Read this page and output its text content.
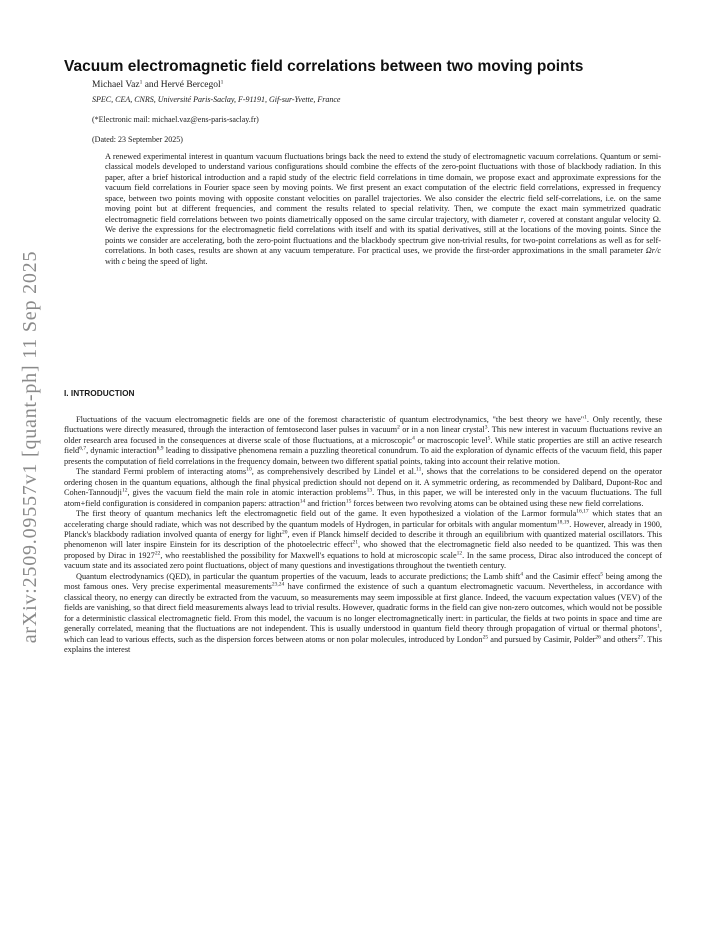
arXiv:2509.09557v1 [quant-ph] 11 Sep 2025
Vacuum electromagnetic field correlations between two moving points
Michael Vaz$^1$ and Hervé Bercegol$^1$
SPEC, CEA, CNRS, Université Paris-Saclay, F-91191, Gif-sur-Yvette, France
(*Electronic mail: michael.vaz@ens-paris-saclay.fr)
(Dated: 23 September 2025)
A renewed experimental interest in quantum vacuum fluctuations brings back the need to extend the study of electromagnetic vacuum correlations. Quantum or semi-classical models developed to understand various configurations should combine the effects of the zero-point fluctuations with those of blackbody radiation. In this paper, after a brief historical introduction and a rapid study of the electric field correlations in time domain, we propose exact and approximate expressions for the vacuum field correlations in Fourier space seen by moving points. We first present an exact computation of the electric field correlations, expressed in frequency space, between two points moving with opposite constant velocities on parallel trajectories. We also consider the electric field self-correlations, i.e. on the same moving point but at different frequencies, and comment the results related to special relativity. Then, we compute the exact main symmetrized quadratic electromagnetic field correlations between two points diametrically opposed on the same circular trajectory, with diameter r, covered at constant angular velocity Ω. We derive the expressions for the electromagnetic field correlations with itself and with its spatial derivatives, still at the locations of the moving points. Since the points we consider are accelerating, both the zero-point fluctuations and the blackbody spectrum give non-trivial results, for two-point correlations as well as for self-correlations. In both cases, results are shown at any vacuum temperature. For practical uses, we provide the first-order approximations in the small parameter Ωr/c with c being the speed of light.
I. INTRODUCTION

Fluctuations of the vacuum electromagnetic fields are one of the foremost characteristic of quantum electrodynamics, "the best theory we have"$^1$. Only recently, these fluctuations were directly measured, through the interaction of femtosecond laser pulses in vacuum$^2$ or in a non linear crystal$^3$. This new interest in vacuum fluctuations revive an older research area focused in the consequences at diverse scale of those fluctuations, at a microscopic$^4$ or macroscopic level$^5$. While static properties are still an active research field$^{6,7}$, dynamic interaction$^{8,9}$ leading to dissipative phenomena remain a puzzling theoretical conundrum. To aid the exploration of dynamic effects of the vacuum field, this paper presents the computation of field correlations in the frequency domain, between two different spatial points, taking into account their relative motion.

The standard Fermi problem of interacting atoms$^{10}$, as comprehensively described by Lindel et al.$^{11}$, shows that the correlations to be considered depend on the operator ordering chosen in the quantum equations, although the final physical prediction should not depend on it. A symmetric ordering, as recommended by Dalibard, Dupont-Roc and Cohen-Tannoudji$^{12}$, gives the vacuum field the main role in atomic interaction problems$^{13}$. Thus, in this paper, we will be interested only in the vacuum fluctuations. The full atom+field configuration is considered in companion papers: attraction$^{14}$ and friction$^{15}$ forces between two revolving atoms can be obtained using these new field correlations.

The first theory of quantum mechanics left the electromagnetic field out of the game. It even hypothesized a violation of the Larmor formula$^{16,17}$ which states that an accelerating charge should radiate, which was not described by the quantum models of Hydrogen, in particular for orbitals with angular momentum$^{18,19}$. However, already in 1900, Planck's blackbody radiation involved quanta of energy for light$^{20}$, even if Planck himself decided to describe it through an equilibrium with quantized material oscillators. This phenomenon will later inspire Einstein for its description of the photoelectric effect$^{21}$, who showed that the electromagnetic field also needed to be quantized. This was then proposed by Dirac in 1927$^{22}$, who reestablished the possibility for Maxwell's equations to hold at microscopic scale$^{12}$. In the same process, Dirac also introduced the concept of vacuum state and its associated zero point fluctuations, object of many questions and investigations throughout the twentieth century.

Quantum electrodynamics (QED), in particular the quantum properties of the vacuum, leads to accurate predictions; the Lamb shift$^4$ and the Casimir effect$^5$ being among the most famous ones. Very precise experimental measurements$^{23,24}$ have confirmed the existence of such a quantum electromagnetic vacuum. Nevertheless, in accordance with classical theory, no energy can directly be extracted from the vacuum, so measurements may seem impossible at first glance. Indeed, the vacuum expectation values (VEV) of the fields are vanishing, so that direct field measurements always lead to trivial results. However, quadratic forms in the field can give non-zero outcomes, which would not be possible for a deterministic classical electromagnetic field. From this model, the vacuum is no longer electromagnetically inert: in particular, the fields at two points in space and time are generally correlated, meaning that the fluctuations are not independent. This is usually understood in quantum field theory through propagation of virtual or thermal photons$^1$, which can lead to various effects, such as the dispersion forces between atoms or non polar molecules, introduced by London$^{25}$ and pursued by Casimir, Polder$^{26}$ and others$^{27}$. This explains the interest
